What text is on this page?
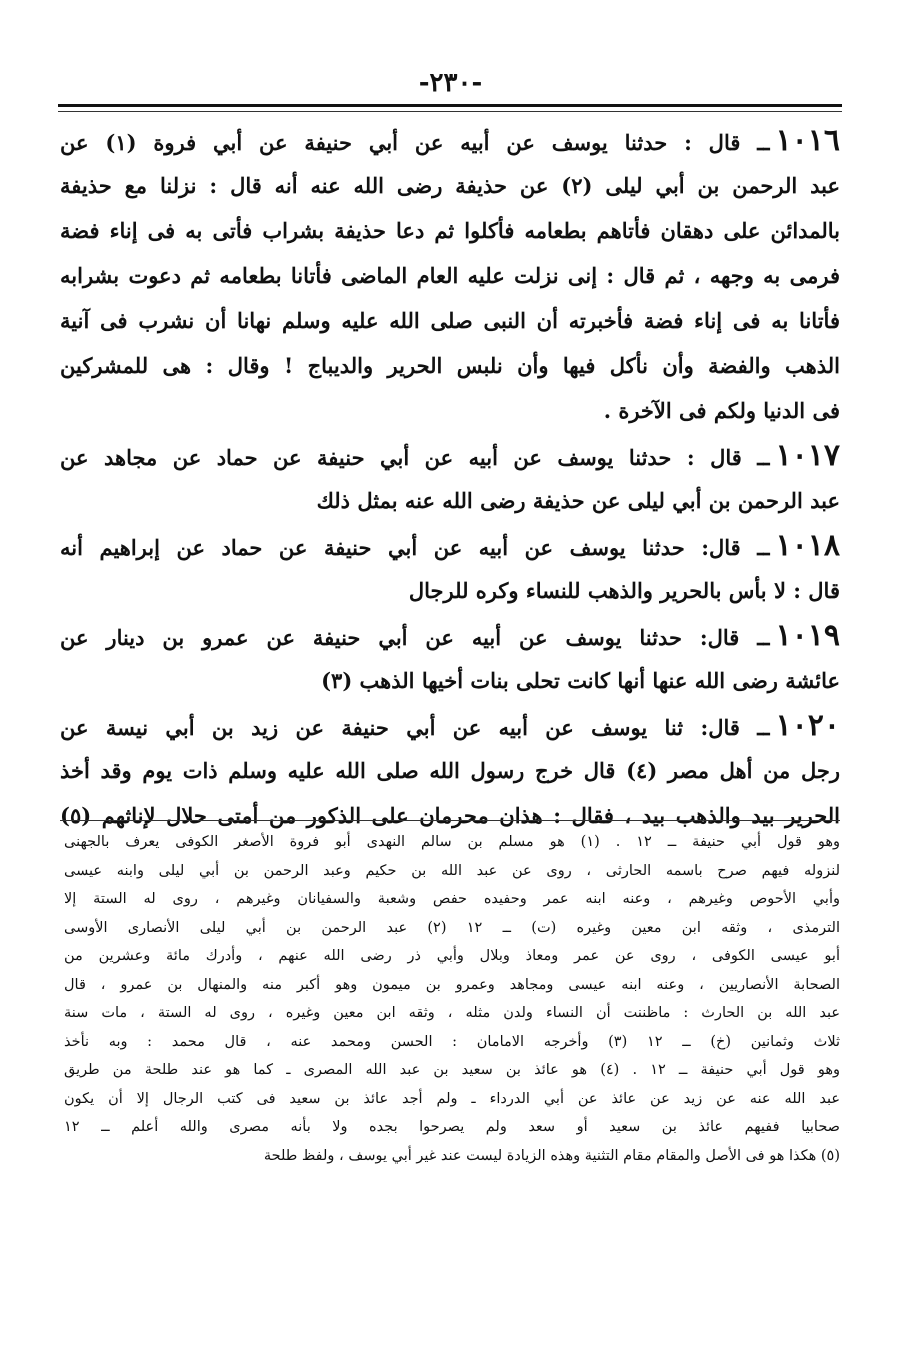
-٢٣٠-
١٠١٦ــ قال : حدثنا يوسف عن أبيه عن أبي حنيفة عن أبي فروة (١) عن
عبد الرحمن بن أبي ليلى (٢) عن حذيفة رضى الله عنه أنه قال : نزلنا مع حذيفة
بالمدائن على دهقان فأتاهم بطعامه فأكلوا ثم دعا حذيفة بشراب فأتى به فى إناء فضة
فرمى به وجهه ، ثم قال : إنى نزلت عليه العام الماضى فأتانا بطعامه ثم دعوت بشرابه
فأتانا به فى إناء فضة فأخبرته أن النبى صلى الله عليه وسلم نهانا أن نشرب فى آنية
الذهب والفضة وأن نأكل فيها وأن نلبس الحرير والديباج ! وقال : هى للمشركين
فى الدنيا ولكم فى الآخرة .
١٠١٧ــ قال : حدثنا يوسف عن أبيه عن أبي حنيفة عن حماد عن مجاهد عن
عبد الرحمن بن أبي ليلى عن حذيفة رضى الله عنه بمثل ذلك
١٠١٨ــ قال: حدثنا يوسف عن أبيه عن أبي حنيفة عن حماد عن إبراهيم أنه
قال : لا بأس بالحرير والذهب للنساء وكره للرجال
١٠١٩ــ قال: حدثنا يوسف عن أبيه عن أبي حنيفة عن عمرو بن دينار عن
عائشة رضى الله عنها أنها كانت تحلى بنات أخيها الذهب (٣)
١٠٢٠ــ قال: ثنا يوسف عن أبيه عن أبي حنيفة عن زيد بن أبي نيسة عن
رجل من أهل مصر (٤) قال خرج رسول الله صلى الله عليه وسلم ذات يوم وقد أخذ
الحرير بيد والذهب بيد ، فقال : هذان محرمان على الذكور من أمتى حلال لإناثهم (٥)
وهو قول أبي حنيفة ــ ١٢ . (١) هو مسلم بن سالم النهدى أبو فروة الأصغر الكوفى يعرف بالجهنى
لنزوله فيهم صرح باسمه الحارثى ، روى عن عبد الله بن حكيم وعبد الرحمن بن أبي ليلى وابنه عيسى
وأبي الأحوص وغيرهم ، وعنه ابنه عمر وحفيده حفص وشعبة والسفيانان وغيرهم ، روى له الستة إلا
الترمذى ، وثقه ابن معين وغيره (ت) ــ ١٢ (٢) عبد الرحمن بن أبي ليلى الأنصارى الأوسى
أبو عيسى الكوفى ، روى عن عمر ومعاذ وبلال وأبي ذر رضى الله عنهم ، وأدرك مائة وعشرين من
الصحابة الأنصاريين ، وعنه ابنه عيسى ومجاهد وعمرو بن ميمون وهو أكبر منه والمنهال بن عمرو ، قال
عبد الله بن الحارث : ماظننت أن النساء ولدن مثله ، وثقه ابن معين وغيره ، روى له الستة ، مات سنة
ثلاث وثمانين (خ) ــ ١٢ (٣) وأخرجه الامامان : الحسن ومحمد عنه ، قال محمد : وبه نأخذ
وهو قول أبي حنيفة ــ ١٢ . (٤) هو عائذ بن سعيد بن عبد الله المصرى ـ كما هو عند طلحة من طريق
عبد الله عنه عن زيد عن عائذ عن أبي الدرداء ـ ولم أجد عائذ بن سعيد فى كتب الرجال إلا أن يكون
صحابيا ففيهم عائذ بن سعيد أو سعد ولم يصرحوا بجده ولا بأنه مصرى والله أعلم ــ ١٢
(٥) هكذا هو فى الأصل والمقام مقام التثنية وهذه الزيادة ليست عند غير أبي يوسف ، ولفظ طلحة
